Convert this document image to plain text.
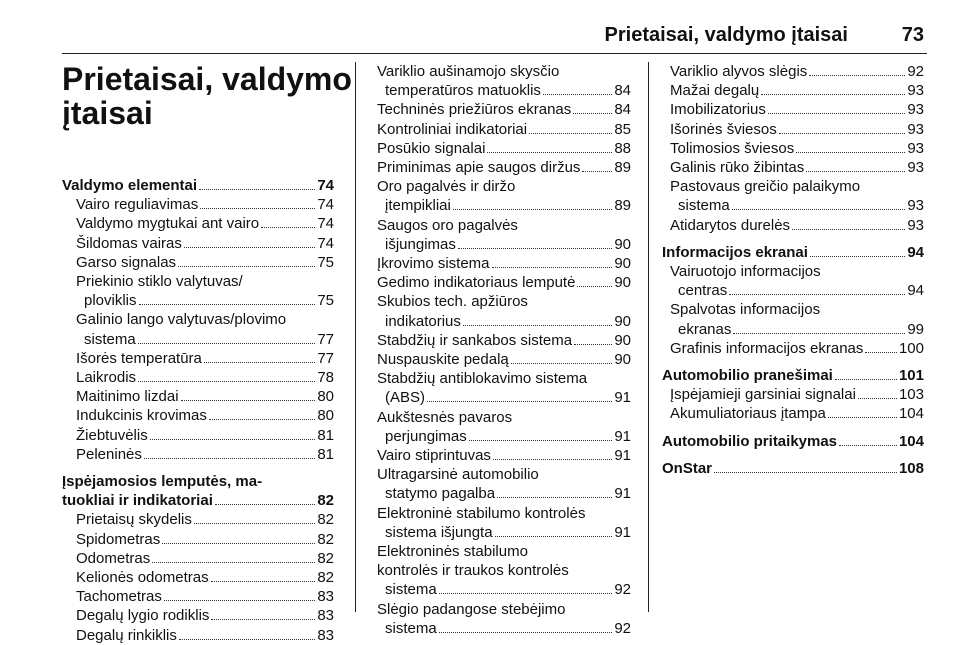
Prietaisai, valdymo įtaisai	73
Prietaisai, valdymo
įtaisai
Valdymo elementai	74
Vairo reguliavimas	74
Valdymo mygtukai ant vairo	74
Šildomas vairas	74
Garso signalas	75
Priekinio stiklo valytuvas/
ploviklis	75
Galinio lango valytuvas/plovimo
sistema	77
Išorės temperatūra	77
Laikrodis	78
Maitinimo lizdai	80
Indukcinis krovimas	80
Žiebtuvėlis	81
Peleninės	81
Įspėjamosios lemputės, ma-
tuokliai ir indikatoriai	82
Prietaisų skydelis	82
Spidometras	82
Odometras	82
Kelionės odometras	82
Tachometras	83
Degalų lygio rodiklis	83
Degalų rinkiklis	83
Variklio aušinamojo skysčio
temperatūros matuoklis	84
Techninės priežiūros ekranas	84
Kontroliniai indikatoriai	85
Posūkio signalai	88
Priminimas apie saugos diržus 89
Oro pagalvės ir diržo
įtempikliai	89
Saugos oro pagalvės
išjungimas	90
Įkrovimo sistema	90
Gedimo indikatoriaus lemputė	90
Skubios tech. apžiūros
indikatorius	90
Stabdžių ir sankabos sistema	90
Nuspauskite pedalą	90
Stabdžių antiblokavimo sistema
(ABS)	91
Aukštesnės pavaros
perjungimas	91
Vairo stiprintuvas	91
Ultragarsinė automobilio
statymo pagalba	91
Elektroninė stabilumo kontrolės
sistema išjungta	91
Elektroninės stabilumo
kontrolės ir traukos kontrolės
sistema	92
Slėgio padangose stebėjimo
sistema	92
Variklio alyvos slėgis	92
Mažai degalų	93
Imobilizatorius	93
Išorinės šviesos	93
Tolimosios šviesos	93
Galinis rūko žibintas	93
Pastovaus greičio palaikymo
sistema	93
Atidarytos durelės	93
Informacijos ekranai	94
Vairuotojo informacijos
centras	94
Spalvotas informacijos
ekranas	99
Grafinis informacijos ekranas 100
Automobilio pranešimai	101
Įspėjamieji garsiniai signalai	103
Akumuliatoriaus įtampa	104
Automobilio pritaikymas	104
OnStar	108
